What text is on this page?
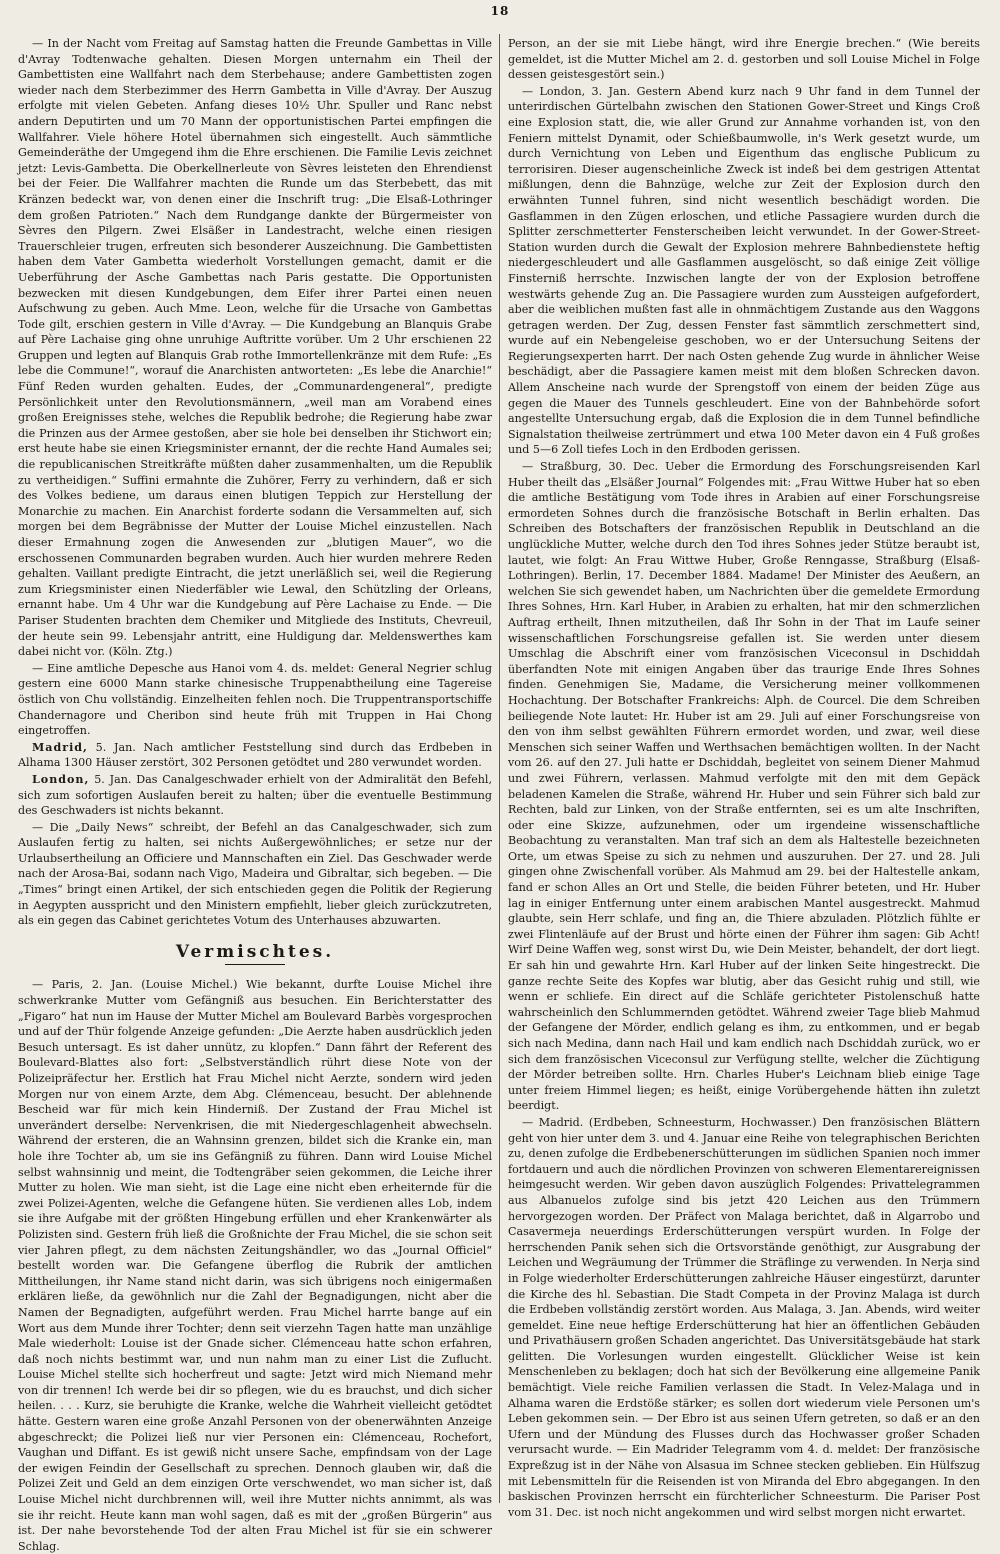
18

— In der Nacht vom Freitag auf Samstag hatten die Freunde Gambettas in Ville d'Avray Todtenwache gehalten. Diesen Morgen unternahm ein Theil der Gambettisten eine Wallfahrt nach dem Sterbehause; andere Gambettisten zogen wieder nach dem Sterbezimmer des Herrn Gambetta in Ville d'Avray. Der Auszug erfolgte mit vielen Gebeten. Anfang dieses 10½ Uhr. Spuller und Ranc nebst andern Deputirten und um 70 Mann der opportunistischen Partei empfingen die Wallfahrer. Viele höhere Hotel übernahmen sich eingestellt. Auch sämmtliche Gemeinderäthe der Umgegend ihm die Ehre erschienen. Die Familie Levis zeichnet jetzt: Levis-Gambetta. Die Oberkellnerleute von Sèvres leisteten den Ehrendienst bei der Feier. Die Wallfahrer machten die Runde um das Sterbebett, das mit Kränzen bedeckt war, von denen einer die Inschrift trug: „Die Elsaß-Lothringer dem großen Patrioten.“ Nach dem Rundgange dankte der Bürgermeister von Sèvres den Pilgern. Zwei Elsäßer in Landestracht, welche einen riesigen Trauerschleier trugen, erfreuten sich besonderer Auszeichnung. Die Gambettisten haben dem Vater Gambetta wiederholt Vorstellungen gemacht, damit er die Ueberführung der Asche Gambettas nach Paris gestatte. Die Opportunisten bezwecken mit diesen Kundgebungen, dem Eifer ihrer Partei einen neuen Aufschwung zu geben. Auch Mme. Leon, welche für die Ursache von Gambettas Tode gilt, erschien gestern in Ville d'Avray. — Die Kundgebung an Blanquis Grabe auf Père Lachaise ging ohne unruhige Auftritte vorüber. Um 2 Uhr erschienen 22 Gruppen und legten auf Blanquis Grab rothe Immortellenkränze mit dem Rufe: „Es lebe die Commune!“, worauf die Anarchisten antworteten: „Es lebe die Anarchie!“ Fünf Reden wurden gehalten. Eudes, der „Communardengeneral“, predigte Persönlichkeit unter den Revolutionsmännern, „weil man am Vorabend eines großen Ereignisses stehe, welches die Republik bedrohe; die Regierung habe zwar die Prinzen aus der Armee gestoßen, aber sie hole bei denselben ihr Stichwort ein; erst heute habe sie einen Kriegsminister ernannt, der die rechte Hand Aumales sei; die republicanischen Streitkräfte müßten daher zusammenhalten, um die Republik zu vertheidigen.“ Suffini ermahnte die Zuhörer, Ferry zu verhindern, daß er sich des Volkes bediene, um daraus einen blutigen Teppich zur Herstellung der Monarchie zu machen. Ein Anarchist forderte sodann die Versammelten auf, sich morgen bei dem Begräbnisse der Mutter der Louise Michel einzustellen. Nach dieser Ermahnung zogen die Anwesenden zur „blutigen Mauer“, wo die erschossenen Communarden begraben wurden. Auch hier wurden mehrere Reden gehalten. Vaillant predigte Eintracht, die jetzt unerläßlich sei, weil die Regierung zum Kriegsminister einen Niederfäbler wie Lewal, den Schützling der Orleans, ernannt habe. Um 4 Uhr war die Kundgebung auf Père Lachaise zu Ende. — Die Pariser Studenten brachten dem Chemiker und Mitgliede des Instituts, Chevreuil, der heute sein 99. Lebensjahr antritt, eine Huldigung dar. Meldenswerthes kam dabei nicht vor. (Köln. Ztg.)

— Eine amtliche Depesche aus Hanoi vom 4. ds. meldet: General Negrier schlug gestern eine 6000 Mann starke chinesische Truppenabtheilung eine Tagereise östlich von Chu vollständig. Einzelheiten fehlen noch. Die Truppentransportschiffe Chandernagore und Cheribon sind heute früh mit Truppen in Hai Chong eingetroffen.

Madrid, 5. Jan. Nach amtlicher Feststellung sind durch das Erdbeben in Alhama 1300 Häuser zerstört, 302 Personen getödtet und 280 verwundet worden.

London, 5. Jan. Das Canalgeschwader erhielt von der Admiralität den Befehl, sich zum sofortigen Auslaufen bereit zu halten; über die eventuelle Bestimmung des Geschwaders ist nichts bekannt.

— Die „Daily News“ schreibt, der Befehl an das Canalgeschwader, sich zum Auslaufen fertig zu halten, sei nichts Außergewöhnliches; er setze nur der Urlaubsertheilung an Officiere und Mannschaften ein Ziel. Das Geschwader werde nach der Arosa-Bai, sodann nach Vigo, Madeira und Gibraltar, sich begeben. — Die „Times“ bringt einen Artikel, der sich entschieden gegen die Politik der Regierung in Aegypten ausspricht und den Ministern empfiehlt, lieber gleich zurückzutreten, als ein gegen das Cabinet gerichtetes Votum des Unterhauses abzuwarten.

Vermischtes.

— Paris, 2. Jan. (Louise Michel.) Wie bekannt, durfte Louise Michel ihre schwerkranke Mutter vom Gefängniß aus besuchen. Ein Berichterstatter des „Figaro“ hat nun im Hause der Mutter Michel am Boulevard Barbès vorgesprochen und auf der Thür folgende Anzeige gefunden: „Die Aerzte haben ausdrücklich jeden Besuch untersagt. Es ist daher unnütz, zu klopfen.“ Dann fährt der Referent des Boulevard-Blattes also fort: „Selbstverständlich rührt diese Note von der Polizeipräfectur her. Erstlich hat Frau Michel nicht Aerzte, sondern wird jeden Morgen nur von einem Arzte, dem Abg. Clémenceau, besucht. Der ablehnende Bescheid war für mich kein Hinderniß. Der Zustand der Frau Michel ist unverändert derselbe: Nervenkrisen, die mit Niedergeschlagenheit abwechseln. Während der ersteren, die an Wahnsinn grenzen, bildet sich die Kranke ein, man hole ihre Tochter ab, um sie ins Gefängniß zu führen. Dann wird Louise Michel selbst wahnsinnig und meint, die Todtengräber seien gekommen, die Leiche ihrer Mutter zu holen. Wie man sieht, ist die Lage eine nicht eben erheiternde für die zwei Polizei-Agenten, welche die Gefangene hüten. Sie verdienen alles Lob, indem sie ihre Aufgabe mit der größten Hingebung erfüllen und eher Krankenwärter als Polizisten sind. Gestern früh ließ die Großnichte der Frau Michel, die sie schon seit vier Jahren pflegt, zu dem nächsten Zeitungshändler, wo das „Journal Officiel“ bestellt worden war. Die Gefangene überflog die Rubrik der amtlichen Mittheilungen, ihr Name stand nicht darin, was sich übrigens noch einigermaßen erklären ließe, da gewöhnlich nur die Zahl der Begnadigungen, nicht aber die Namen der Begnadigten, aufgeführt werden. Frau Michel harrte bange auf ein Wort aus dem Munde ihrer Tochter; denn seit vierzehn Tagen hatte man unzählige Male wiederholt: Louise ist der Gnade sicher. Clémenceau hatte schon erfahren, daß noch nichts bestimmt war, und nun nahm man zu einer List die Zuflucht. Louise Michel stellte sich hocherfreut und sagte: Jetzt wird mich Niemand mehr von dir trennen! Ich werde bei dir so pflegen, wie du es brauchst, und dich sicher heilen. . . . Kurz, sie beruhigte die Kranke, welche die Wahrheit vielleicht getödtet hätte. Gestern waren eine große Anzahl Personen von der obenerwähnten Anzeige abgeschreckt; die Polizei ließ nur vier Personen ein: Clémenceau, Rochefort, Vaughan und Diffant. Es ist gewiß nicht unsere Sache, empfindsam von der Lage der ewigen Feindin der Gesellschaft zu sprechen. Dennoch glauben wir, daß die Polizei Zeit und Geld an dem einzigen Orte verschwendet, wo man sicher ist, daß Louise Michel nicht durchbrennen will, weil ihre Mutter nichts annimmt, als was sie ihr reicht. Heute kann man wohl sagen, daß es mit der „großen Bürgerin“ aus ist. Der nahe bevorstehende Tod der alten Frau Michel ist für sie ein schwerer Schlag.

Person, an der sie mit Liebe hängt, wird ihre Energie brechen.“ (Wie bereits gemeldet, ist die Mutter Michel am 2. d. gestorben und soll Louise Michel in Folge dessen geistesgestört sein.)

— London, 3. Jan. Gestern Abend kurz nach 9 Uhr fand in dem Tunnel der unterirdischen Gürtelbahn zwischen den Stationen Gower-Street und Kings Croß eine Explosion statt, die, wie aller Grund zur Annahme vorhanden ist, von den Feniern mittelst Dynamit, oder Schießbaumwolle, in's Werk gesetzt wurde, um durch Vernichtung von Leben und Eigenthum das englische Publicum zu terrorisiren. Dieser augenscheinliche Zweck ist indeß bei dem gestrigen Attentat mißlungen, denn die Bahnzüge, welche zur Zeit der Explosion durch den erwähnten Tunnel fuhren, sind nicht wesentlich beschädigt worden. Die Gasflammen in den Zügen erloschen, und etliche Passagiere wurden durch die Splitter zerschmetterter Fensterscheiben leicht verwundet. In der Gower-Street-Station wurden durch die Gewalt der Explosion mehrere Bahnbedienstete heftig niedergeschleudert und alle Gasflammen ausgelöscht, so daß einige Zeit völlige Finsterniß herrschte. Inzwischen langte der von der Explosion betroffene westwärts gehende Zug an. Die Passagiere wurden zum Aussteigen aufgefordert, aber die weiblichen mußten fast alle in ohnmächtigem Zustande aus den Waggons getragen werden. Der Zug, dessen Fenster fast sämmtlich zerschmettert sind, wurde auf ein Nebengeleise geschoben, wo er der Untersuchung Seitens der Regierungsexperten harrt. Der nach Osten gehende Zug wurde in ähnlicher Weise beschädigt, aber die Passagiere kamen meist mit dem bloßen Schrecken davon. Allem Anscheine nach wurde der Sprengstoff von einem der beiden Züge aus gegen die Mauer des Tunnels geschleudert. Eine von der Bahnbehörde sofort angestellte Untersuchung ergab, daß die Explosion die in dem Tunnel befindliche Signalstation theilweise zertrümmert und etwa 100 Meter davon ein 4 Fuß großes und 5—6 Zoll tiefes Loch in den Erdboden gerissen.

— Straßburg, 30. Dec. Ueber die Ermordung des Forschungsreisenden Karl Huber theilt das „Elsäßer Journal“ Folgendes mit: „Frau Wittwe Huber hat so eben die amtliche Bestätigung vom Tode ihres in Arabien auf einer Forschungsreise ermordeten Sohnes durch die französische Botschaft in Berlin erhalten. Das Schreiben des Botschafters der französischen Republik in Deutschland an die unglückliche Mutter, welche durch den Tod ihres Sohnes jeder Stütze beraubt ist, lautet, wie folgt: An Frau Wittwe Huber, Große Renngasse, Straßburg (Elsaß-Lothringen). Berlin, 17. December 1884. Madame! Der Minister des Aeußern, an welchen Sie sich gewendet haben, um Nachrichten über die gemeldete Ermordung Ihres Sohnes, Hrn. Karl Huber, in Arabien zu erhalten, hat mir den schmerzlichen Auftrag ertheilt, Ihnen mitzutheilen, daß Ihr Sohn in der That im Laufe seiner wissenschaftlichen Forschungsreise gefallen ist. Sie werden unter diesem Umschlag die Abschrift einer vom französischen Viceconsul in Dschiddah überfandten Note mit einigen Angaben über das traurige Ende Ihres Sohnes finden. Genehmigen Sie, Madame, die Versicherung meiner vollkommenen Hochachtung. Der Botschafter Frankreichs: Alph. de Courcel. Die dem Schreiben beiliegende Note lautet: Hr. Huber ist am 29. Juli auf einer Forschungsreise von den von ihm selbst gewählten Führern ermordet worden, und zwar, weil diese Menschen sich seiner Waffen und Werthsachen bemächtigen wollten. In der Nacht vom 26. auf den 27. Juli hatte er Dschiddah, begleitet von seinem Diener Mahmud und zwei Führern, verlassen. Mahmud verfolgte mit den mit dem Gepäck beladenen Kamelen die Straße, während Hr. Huber und sein Führer sich bald zur Rechten, bald zur Linken, von der Straße entfernten, sei es um alte Inschriften, oder eine Skizze, aufzunehmen, oder um irgendeine wissenschaftliche Beobachtung zu veranstalten. Man traf sich an dem als Haltestelle bezeichneten Orte, um etwas Speise zu sich zu nehmen und auszuruhen. Der 27. und 28. Juli gingen ohne Zwischenfall vorüber. Als Mahmud am 29. bei der Haltestelle ankam, fand er schon Alles an Ort und Stelle, die beiden Führer beteten, und Hr. Huber lag in einiger Entfernung unter einem arabischen Mantel ausgestreckt. Mahmud glaubte, sein Herr schlafe, und fing an, die Thiere abzuladen. Plötzlich fühlte er zwei Flintenläufe auf der Brust und hörte einen der Führer ihm sagen: Gib Acht! Wirf Deine Waffen weg, sonst wirst Du, wie Dein Meister, behandelt, der dort liegt. Er sah hin und gewahrte Hrn. Karl Huber auf der linken Seite hingestreckt. Die ganze rechte Seite des Kopfes war blutig, aber das Gesicht ruhig und still, wie wenn er schliefe. Ein direct auf die Schläfe gerichteter Pistolenschuß hatte wahrscheinlich den Schlummernden getödtet. Während zweier Tage blieb Mahmud der Gefangene der Mörder, endlich gelang es ihm, zu entkommen, und er begab sich nach Medina, dann nach Hail und kam endlich nach Dschiddah zurück, wo er sich dem französischen Viceconsul zur Verfügung stellte, welcher die Züchtigung der Mörder betreiben sollte. Hrn. Charles Huber's Leichnam blieb einige Tage unter freiem Himmel liegen; es heißt, einige Vorübergehende hätten ihn zuletzt beerdigt.

— Madrid. (Erdbeben, Schneesturm, Hochwasser.) Den französischen Blättern geht von hier unter dem 3. und 4. Januar eine Reihe von telegraphischen Berichten zu, denen zufolge die Erdbebenerschütterungen im südlichen Spanien noch immer fortdauern und auch die nördlichen Provinzen von schweren Elementarereignissen heimgesucht werden. Wir geben davon auszüglich Folgendes: Privattelegrammen aus Albanuelos zufolge sind bis jetzt 420 Leichen aus den Trümmern hervorgezogen worden. Der Präfect von Malaga berichtet, daß in Algarrobo und Casavermeja neuerdings Erderschütterungen verspürt wurden. In Folge der herrschenden Panik sehen sich die Ortsvorstände genöthigt, zur Ausgrabung der Leichen und Wegräumung der Trümmer die Sträflinge zu verwenden. In Nerja sind in Folge wiederholter Erderschütterungen zahlreiche Häuser eingestürzt, darunter die Kirche des hl. Sebastian. Die Stadt Competa in der Provinz Malaga ist durch die Erdbeben vollständig zerstört worden. Aus Malaga, 3. Jan. Abends, wird weiter gemeldet. Eine neue heftige Erderschütterung hat hier an öffentlichen Gebäuden und Privathäusern großen Schaden angerichtet. Das Universitätsgebäude hat stark gelitten. Die Vorlesungen wurden eingestellt. Glücklicher Weise ist kein Menschenleben zu beklagen; doch hat sich der Bevölkerung eine allgemeine Panik bemächtigt. Viele reiche Familien verlassen die Stadt. In Velez-Malaga und in Alhama waren die Erdstöße stärker; es sollen dort wiederum viele Personen um's Leben gekommen sein. — Der Ebro ist aus seinen Ufern getreten, so daß er an den Ufern und der Mündung des Flusses durch das Hochwasser großer Schaden verursacht wurde. — Ein Madrider Telegramm vom 4. d. meldet: Der französische Expreßzug ist in der Nähe von Alsasua im Schnee stecken geblieben. Ein Hülfszug mit Lebensmitteln für die Reisenden ist von Miranda del Ebro abgegangen. In den baskischen Provinzen herrscht ein fürchterlicher Schneesturm. Die Pariser Post vom 31. Dec. ist noch nicht angekommen und wird selbst morgen nicht erwartet.
